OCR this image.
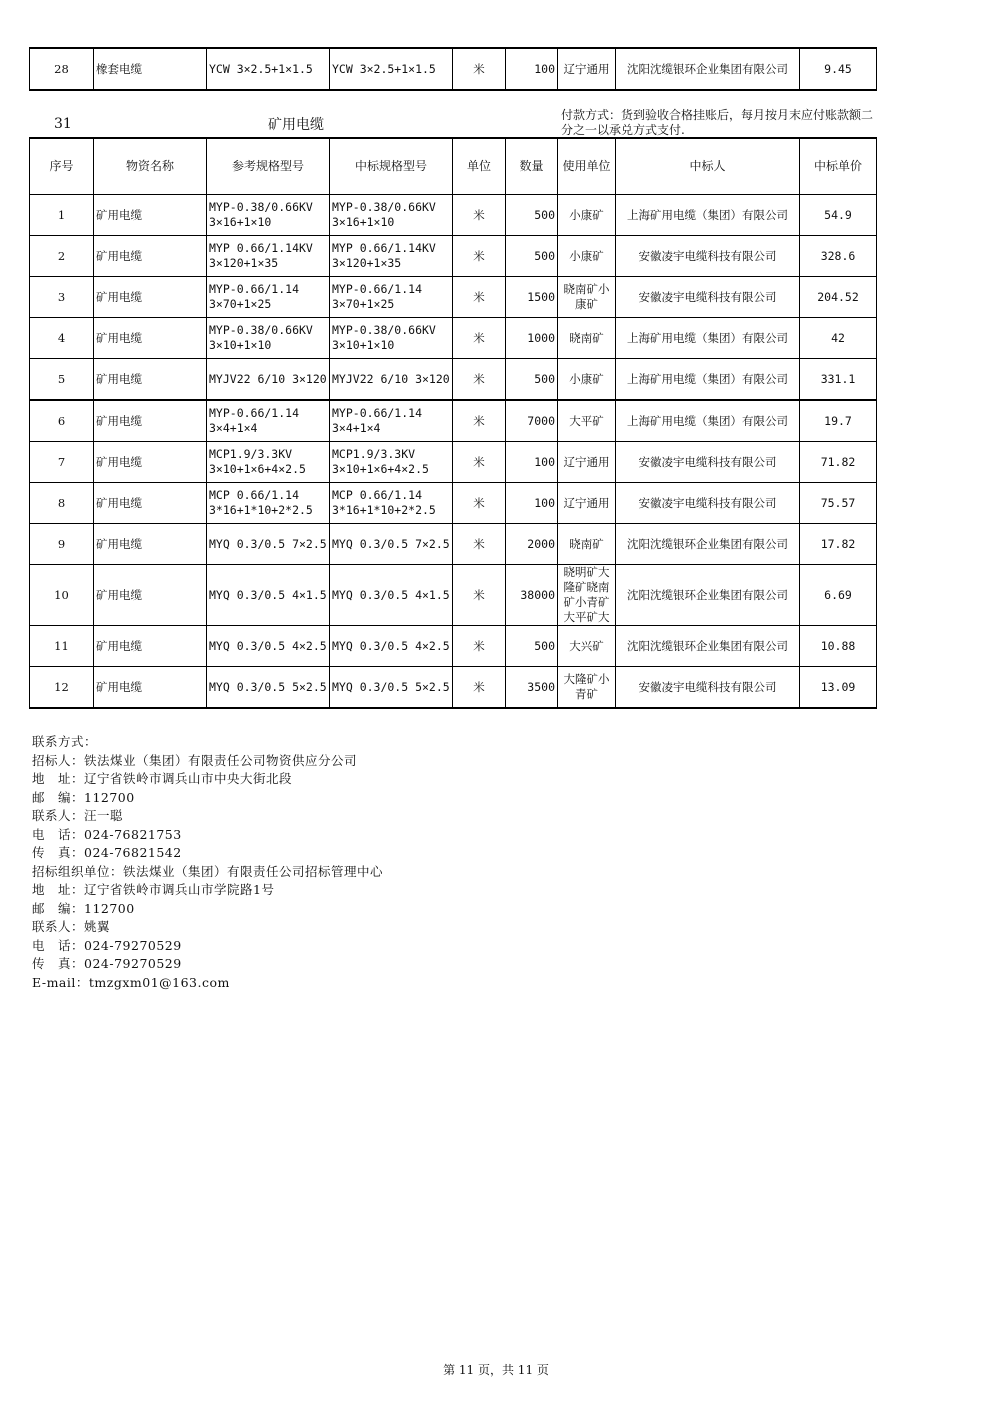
28	橡套电缆	YCW 3×2.5+1×1.5	YCW 3×2.5+1×1.5	米	100	辽宁通用	沈阳沈缆银环企业集团有限公司	9.45
31	矿用电缆
付款方式：货到验收合格挂账后，每月按月末应付账款额二分之一以承兑方式支付.
序号	物资名称	参考规格型号	中标规格型号	单位	数量	使用单位	中标人	中标单价
1	矿用电缆	MYP-0.38/0.66KV 3×16+1×10	MYP-0.38/0.66KV 3×16+1×10	米	500	小康矿	上海矿用电缆（集团）有限公司	54.9
2	矿用电缆	MYP 0.66/1.14KV 3×120+1×35	MYP 0.66/1.14KV 3×120+1×35	米	500	小康矿	安徽凌宇电缆科技有限公司	328.6
3	矿用电缆	MYP-0.66/1.14 3×70+1×25	MYP-0.66/1.14 3×70+1×25	米	1500	晓南矿小康矿	安徽凌宇电缆科技有限公司	204.52
4	矿用电缆	MYP-0.38/0.66KV 3×10+1×10	MYP-0.38/0.66KV 3×10+1×10	米	1000	晓南矿	上海矿用电缆（集团）有限公司	42
5	矿用电缆	MYJV22 6/10 3×120	MYJV22 6/10 3×120	米	500	小康矿	上海矿用电缆（集团）有限公司	331.1
6	矿用电缆	MYP-0.66/1.14 3×4+1×4	MYP-0.66/1.14 3×4+1×4	米	7000	大平矿	上海矿用电缆（集团）有限公司	19.7
7	矿用电缆	MCP1.9/3.3KV 3×10+1×6+4×2.5	MCP1.9/3.3KV 3×10+1×6+4×2.5	米	100	辽宁通用	安徽凌宇电缆科技有限公司	71.82
8	矿用电缆	MCP 0.66/1.14 3*16+1*10+2*2.5	MCP 0.66/1.14 3*16+1*10+2*2.5	米	100	辽宁通用	安徽凌宇电缆科技有限公司	75.57
9	矿用电缆	MYQ 0.3/0.5 7×2.5	MYQ 0.3/0.5 7×2.5	米	2000	晓南矿	沈阳沈缆银环企业集团有限公司	17.82
10	矿用电缆	MYQ 0.3/0.5 4×1.5	MYQ 0.3/0.5 4×1.5	米	38000	晓明矿大隆矿晓南矿小青矿大平矿大	沈阳沈缆银环企业集团有限公司	6.69
11	矿用电缆	MYQ 0.3/0.5 4×2.5	MYQ 0.3/0.5 4×2.5	米	500	大兴矿	沈阳沈缆银环企业集团有限公司	10.88
12	矿用电缆	MYQ 0.3/0.5 5×2.5	MYQ 0.3/0.5 5×2.5	米	3500	大隆矿小青矿	安徽凌宇电缆科技有限公司	13.09
联系方式：
招标人：铁法煤业（集团）有限责任公司物资供应分公司
地　址：辽宁省铁岭市调兵山市中央大街北段
邮　编：112700
联系人：汪一聪
电　话：024-76821753
传　真：024-76821542
招标组织单位：铁法煤业（集团）有限责任公司招标管理中心
地　址：辽宁省铁岭市调兵山市学院路1号
邮　编：112700
联系人：姚翼
电　话：024-79270529
传　真：024-79270529
E-mail：tmzgxm01@163.com
第 11 页，共 11 页
